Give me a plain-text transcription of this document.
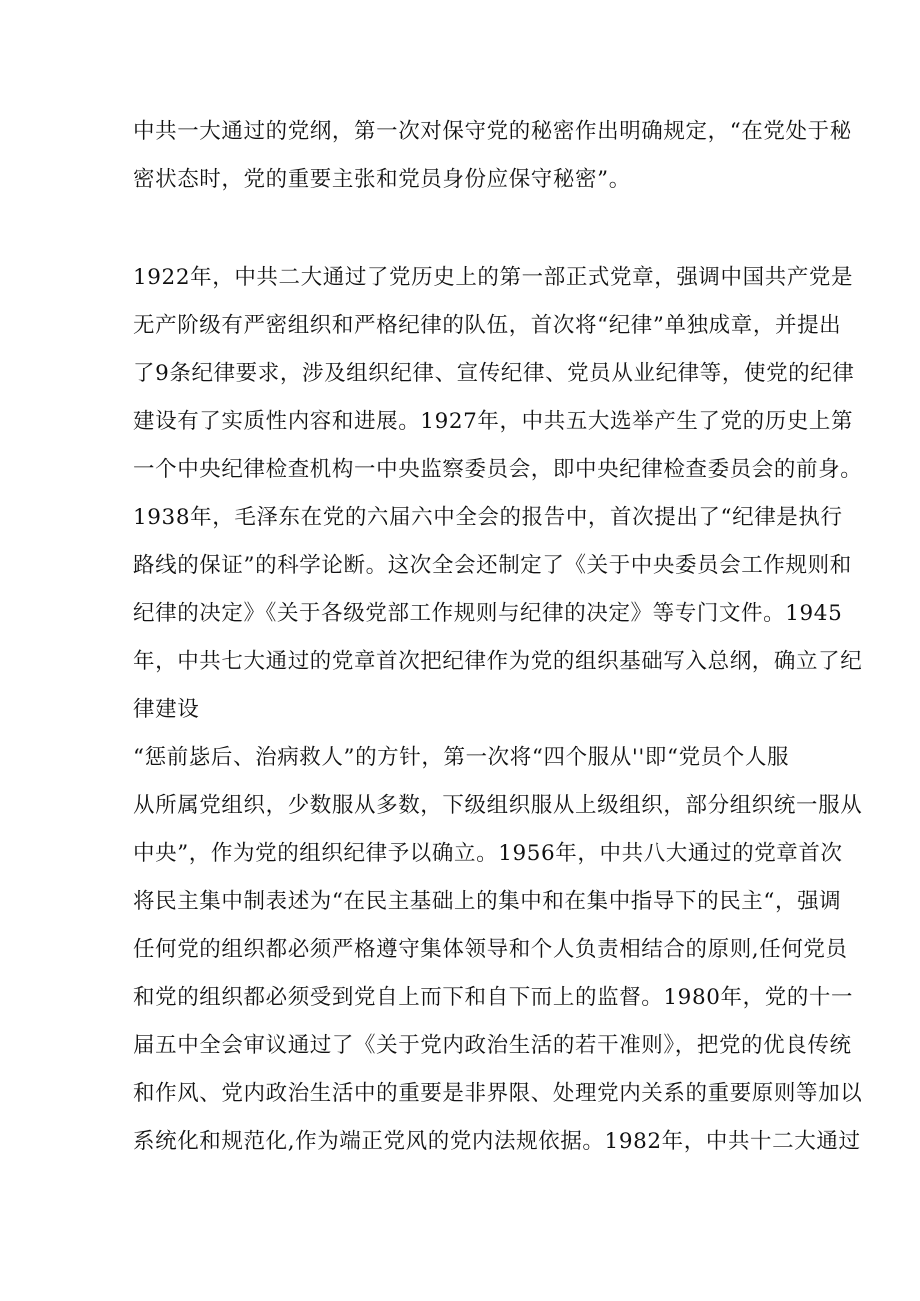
中共一大通过的党纲，第一次对保守党的秘密作出明确规定，“在党处于秘
密状态时，党的重要主张和党员身份应保守秘密”。
1922年，中共二大通过了党历史上的第一部正式党章，强调中国共产党是
无产阶级有严密组织和严格纪律的队伍，首次将“纪律”单独成章，并提出
了9条纪律要求，涉及组织纪律、宣传纪律、党员从业纪律等，使党的纪律
建设有了实质性内容和进展。1927年，中共五大选举产生了党的历史上第
一个中央纪律检查机构一中央监察委员会，即中央纪律检查委员会的前身。
1938年，毛泽东在党的六届六中全会的报告中，首次提出了“纪律是执行
路线的保证”的科学论断。这次全会还制定了《关于中央委员会工作规则和
纪律的决定》《关于各级党部工作规则与纪律的决定》等专门文件。1945
年，中共七大通过的党章首次把纪律作为党的组织基础写入总纲，确立了纪
律建设
“惩前毖后、治病救人”的方针，第一次将“四个服从''即“党员个人服
从所属党组织，少数服从多数，下级组织服从上级组织，部分组织统一服从
中央”，作为党的组织纪律予以确立。1956年，中共八大通过的党章首次
将民主集中制表述为“在民主基础上的集中和在集中指导下的民主“，强调
任何党的组织都必须严格遵守集体领导和个人负责相结合的原则,任何党员
和党的组织都必须受到党自上而下和自下而上的监督。1980年，党的十一
届五中全会审议通过了《关于党内政治生活的若干准则》，把党的优良传统
和作风、党内政治生活中的重要是非界限、处理党内关系的重要原则等加以
系统化和规范化,作为端正党风的党内法规依据。1982年，中共十二大通过
